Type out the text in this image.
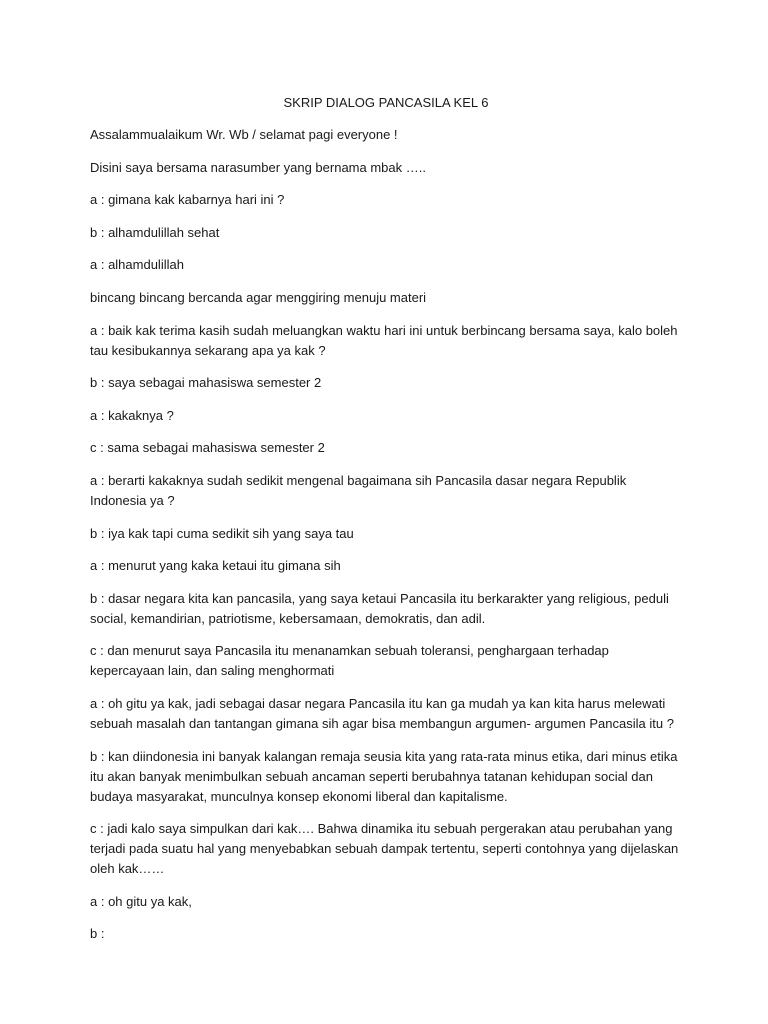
SKRIP DIALOG PANCASILA KEL 6

Assalammualaikum Wr. Wb / selamat pagi everyone !

Disini saya bersama narasumber yang bernama mbak …..

a : gimana kak kabarnya hari ini ?

b : alhamdulillah sehat

a : alhamdulillah

bincang bincang bercanda agar menggiring menuju materi

a : baik kak terima kasih sudah meluangkan waktu hari ini untuk berbincang bersama saya, kalo boleh tau kesibukannya sekarang apa ya kak ?

b : saya sebagai mahasiswa semester 2

a : kakaknya ?

c : sama sebagai mahasiswa semester 2

a : berarti kakaknya sudah sedikit mengenal bagaimana sih Pancasila dasar negara Republik Indonesia ya ?

b : iya kak tapi cuma sedikit sih yang saya tau

a : menurut yang kaka ketaui itu gimana sih

b : dasar negara kita kan pancasila, yang saya ketaui Pancasila itu berkarakter yang religious, peduli social, kemandirian, patriotisme, kebersamaan, demokratis, dan adil.

c : dan menurut saya Pancasila itu menanamkan sebuah toleransi, penghargaan terhadap kepercayaan lain, dan saling menghormati

a : oh gitu ya kak, jadi sebagai dasar negara Pancasila itu kan ga mudah ya kan kita harus melewati sebuah masalah dan tantangan gimana sih agar bisa membangun argumen- argumen Pancasila itu ?

b : kan diindonesia ini banyak kalangan remaja seusia kita yang rata-rata minus etika, dari minus etika itu akan banyak menimbulkan sebuah ancaman seperti berubahnya tatanan kehidupan social dan budaya masyarakat, munculnya konsep ekonomi liberal dan kapitalisme.

c : jadi kalo saya simpulkan dari kak…. Bahwa dinamika itu sebuah pergerakan atau perubahan yang terjadi pada suatu hal yang menyebabkan sebuah dampak tertentu, seperti contohnya yang dijelaskan oleh kak……

a : oh gitu ya kak,

b :
